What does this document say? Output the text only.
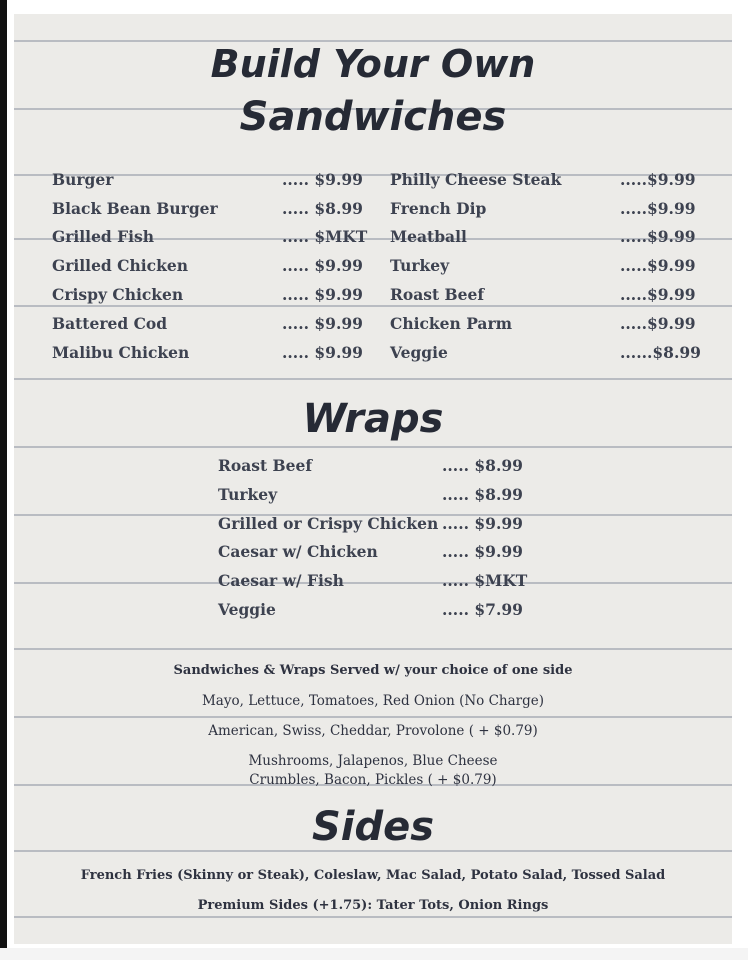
Build Your Own
Sandwiches
Burger	..... $9.99
Black Bean Burger	..... $8.99
Grilled Fish	..... $MKT
Grilled Chicken	..... $9.99
Crispy Chicken	..... $9.99
Battered Cod	..... $9.99
Malibu Chicken	..... $9.99
Philly Cheese Steak	.....$9.99
French Dip	.....$9.99
Meatball	.....$9.99
Turkey	.....$9.99
Roast Beef	.....$9.99
Chicken Parm	.....$9.99
Veggie	......$8.99
Wraps
Roast Beef	..... $8.99
Turkey	..... $8.99
Grilled or Crispy Chicken ..... $9.99
Caesar w/ Chicken	..... $9.99
Caesar w/ Fish	..... $MKT
Veggie	..... $7.99
Sandwiches & Wraps Served w/ your choice of one side
Mayo, Lettuce, Tomatoes, Red Onion (No Charge)
American, Swiss, Cheddar, Provolone ( + $0.79)
Mushrooms, Jalapenos, Blue Cheese
Crumbles, Bacon, Pickles ( + $0.79)
Sides
French Fries (Skinny or Steak), Coleslaw, Mac Salad, Potato Salad, Tossed Salad
Premium Sides (+1.75): Tater Tots, Onion Rings
